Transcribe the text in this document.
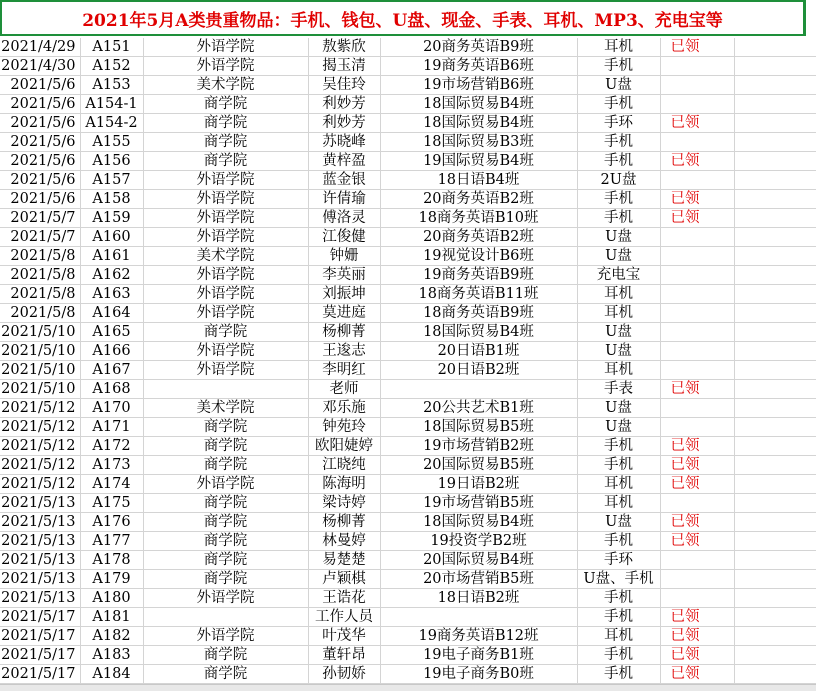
2021年5月A类贵重物品：手机、钱包、U盘、现金、手表、耳机、MP3、充电宝等
2021/4/29	A151	外语学院	敖紫欣	20商务英语B9班	耳机	已领	
2021/4/30	A152	外语学院	揭玉清	19商务英语B6班	手机		
2021/5/6	A153	美术学院	吴佳玲	19市场营销B6班	U盘		
2021/5/6	A154-1	商学院	利妙芳	18国际贸易B4班	手机		
2021/5/6	A154-2	商学院	利妙芳	18国际贸易B4班	手环	已领	
2021/5/6	A155	商学院	苏晓峰	18国际贸易B3班	手机		
2021/5/6	A156	商学院	黄梓盈	19国际贸易B4班	手机	已领	
2021/5/6	A157	外语学院	蓝金银	18日语B4班	2U盘		
2021/5/6	A158	外语学院	许倩瑜	20商务英语B2班	手机	已领	
2021/5/7	A159	外语学院	傅洛灵	18商务英语B10班	手机	已领	
2021/5/7	A160	外语学院	江俊健	20商务英语B2班	U盘		
2021/5/8	A161	美术学院	钟姗	19视觉设计B6班	U盘		
2021/5/8	A162	外语学院	李英丽	19商务英语B9班	充电宝		
2021/5/8	A163	外语学院	刘振坤	18商务英语B11班	耳机		
2021/5/8	A164	外语学院	莫进庭	18商务英语B9班	耳机		
2021/5/10	A165	商学院	杨柳菁	18国际贸易B4班	U盘		
2021/5/10	A166	外语学院	王逡志	20日语B1班	U盘		
2021/5/10	A167	外语学院	李明红	20日语B2班	耳机		
2021/5/10	A168		老师		手表	已领	
2021/5/12	A170	美术学院	邓乐施	20公共艺术B1班	U盘		
2021/5/12	A171	商学院	钟苑玲	18国际贸易B5班	U盘		
2021/5/12	A172	商学院	欧阳婕婷	19市场营销B2班	手机	已领	
2021/5/12	A173	商学院	江晓纯	20国际贸易B5班	手机	已领	
2021/5/12	A174	外语学院	陈海明	19日语B2班	耳机	已领	
2021/5/13	A175	商学院	梁诗婷	19市场营销B5班	耳机		
2021/5/13	A176	商学院	杨柳菁	18国际贸易B4班	U盘	已领	
2021/5/13	A177	商学院	林曼婷	19投资学B2班	手机	已领	
2021/5/13	A178	商学院	易楚楚	20国际贸易B4班	手环		
2021/5/13	A179	商学院	卢颖棋	20市场营销B5班	U盘、手机		
2021/5/13	A180	外语学院	王诰花	18日语B2班	手机		
2021/5/17	A181		工作人员		手机	已领	
2021/5/17	A182	外语学院	叶茂华	19商务英语B12班	耳机	已领	
2021/5/17	A183	商学院	董轩昂	19电子商务B1班	手机	已领	
2021/5/17	A184	商学院	孙韧娇	19电子商务B0班	手机	已领	
